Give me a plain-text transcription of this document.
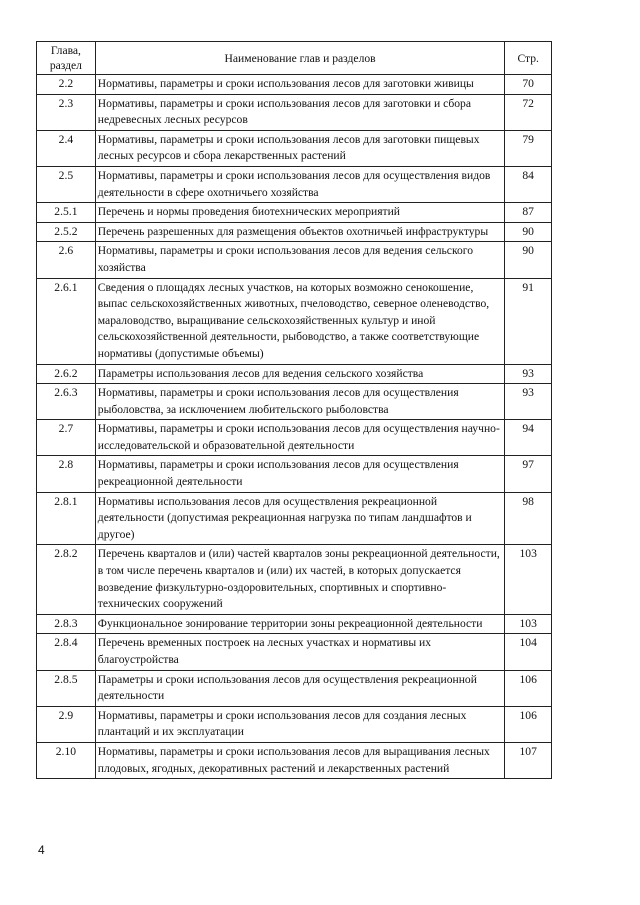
Глава, раздел	Наименование глав и разделов	Стр.
2.2	Нормативы, параметры и сроки использования лесов для заготовки живицы	70
2.3	Нормативы, параметры и сроки использования лесов для заготовки и сбора недревесных лесных ресурсов	72
2.4	Нормативы, параметры и сроки использования лесов для заготовки пищевых лесных ресурсов и сбора лекарственных растений	79
2.5	Нормативы, параметры и сроки использования лесов для осуществления видов деятельности в сфере охотничьего хозяйства	84
2.5.1	Перечень и нормы проведения биотехнических мероприятий	87
2.5.2	Перечень разрешенных для размещения объектов охотничьей инфраструктуры	90
2.6	Нормативы, параметры и сроки использования лесов для ведения сельского хозяйства	90
2.6.1	Сведения о площадях лесных участков, на которых возможно сенокошение, выпас сельскохозяйственных животных, пчеловодство, северное оленеводство, мараловодство, выращивание сельскохозяйственных культур и иной сельскохозяйственной деятельности, рыбоводство, а также соответствующие нормативы (допустимые объемы)	91
2.6.2	Параметры использования лесов для ведения сельского хозяйства	93
2.6.3	Нормативы, параметры и сроки использования лесов для осуществления рыболовства, за исключением любительского рыболовства	93
2.7	Нормативы, параметры и сроки использования лесов для осуществления научно-исследовательской и образовательной деятельности	94
2.8	Нормативы, параметры и сроки использования лесов для осуществления рекреационной деятельности	97
2.8.1	Нормативы использования лесов для осуществления рекреационной деятельности (допустимая рекреационная нагрузка по типам ландшафтов и другое)	98
2.8.2	Перечень кварталов и (или) частей кварталов зоны рекреационной деятельности, в том числе перечень кварталов и (или) их частей, в которых допускается возведение физкультурно-оздоровительных, спортивных и спортивно-технических сооружений	103
2.8.3	Функциональное зонирование территории зоны рекреационной деятельности	103
2.8.4	Перечень временных построек на лесных участках и нормативы их благоустройства	104
2.8.5	Параметры и сроки использования лесов для осуществления рекреационной деятельности	106
2.9	Нормативы, параметры и сроки использования лесов для создания лесных плантаций и их эксплуатации	106
2.10	Нормативы, параметры и сроки использования лесов для выращивания лесных плодовых, ягодных, декоративных растений и лекарственных растений	107
4
